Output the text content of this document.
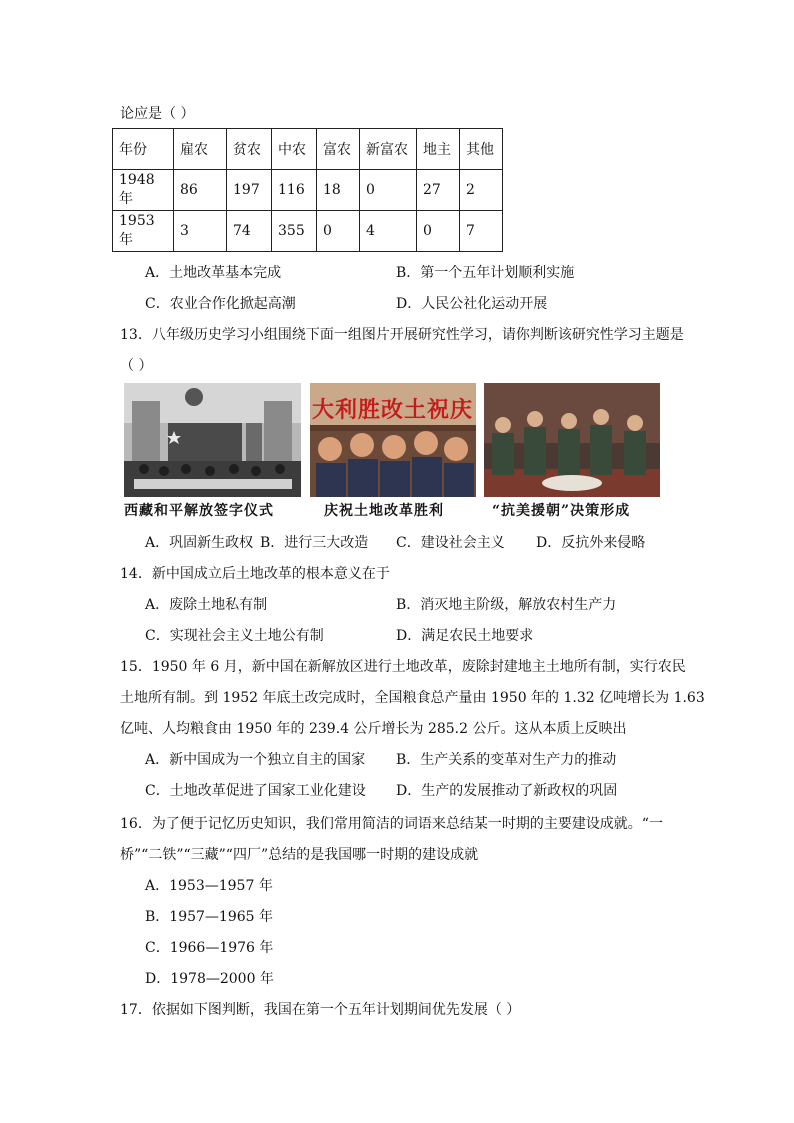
论应是（ ）
年份	雇农	贫农	中农	富农	新富农	地主	其他
1948 年	86	197	116	18	0	27	2
1953 年	3	74	355	0	4	0	7
A．土地改革基本完成	B．第一个五年计划顺利实施
C．农业合作化掀起高潮	D．人民公社化运动开展
13．八年级历史学习小组围绕下面一组图片开展研究性学习，请你判断该研究性学习主题是
（ ）
大利胜改土祝庆
西藏和平解放签字仪式	庆祝土地改革胜利	“抗美援朝”决策形成
A．巩固新生政权 B．进行三大改造 C．建设社会主义 D．反抗外来侵略
14．新中国成立后土地改革的根本意义在于
A．废除土地私有制	B．消灭地主阶级，解放农村生产力
C．实现社会主义土地公有制	D．满足农民土地要求
15．1950 年 6 月，新中国在新解放区进行土地改革，废除封建地主土地所有制，实行农民
土地所有制。到 1952 年底土改完成时，全国粮食总产量由 1950 年的 1.32 亿吨增长为 1.63
亿吨、人均粮食由 1950 年的 239.4 公斤增长为 285.2 公斤。这从本质上反映出
A．新中国成为一个独立自主的国家 B．生产关系的变革对生产力的推动
C．土地改革促进了国家工业化建设 D．生产的发展推动了新政权的巩固
16．为了便于记忆历史知识，我们常用简洁的词语来总结某一时期的主要建设成就。“一
桥”“二铁”“三藏”“四厂”总结的是我国哪一时期的建设成就
A．1953—1957 年
B．1957—1965 年
C．1966—1976 年
D．1978—2000 年
17．依据如下图判断，我国在第一个五年计划期间优先发展（ ）
